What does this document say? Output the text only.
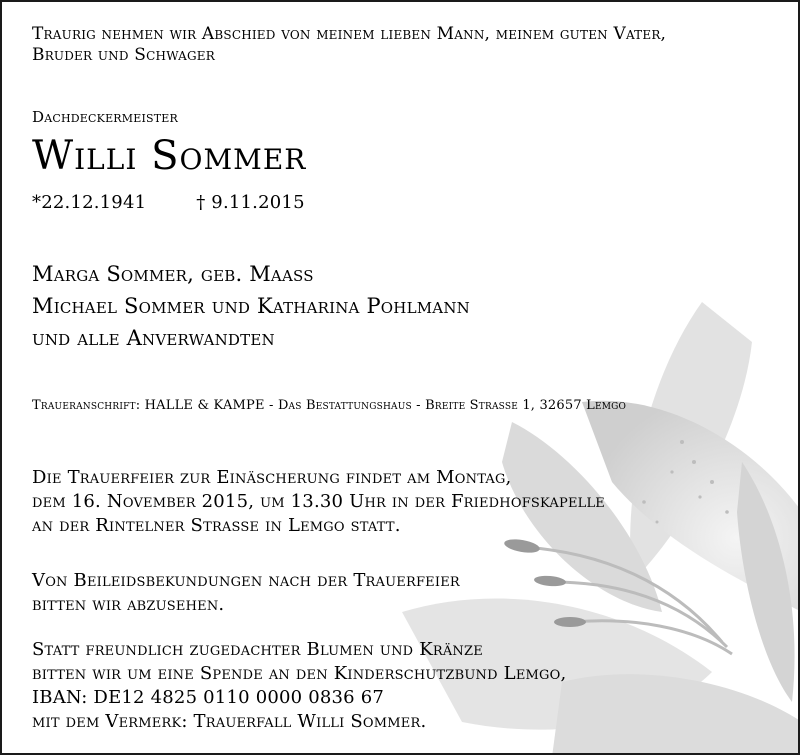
Traurig nehmen wir Abschied von meinem lieben Mann, meinem guten Vater,
Bruder und Schwager
Dachdeckermeister
Willi Sommer
*22.12.1941	† 9.11.2015
Marga Sommer, geb. Maass
Michael Sommer und Katharina Pohlmann
und alle Anverwandten
Traueranschrift: HALLE & KAMPE - Das Bestattungshaus - Breite Strasse 1, 32657 Lemgo
Die Trauerfeier zur Einäscherung findet am Montag,
dem 16. November 2015, um 13.30 Uhr in der Friedhofskapelle
an der Rintelner Strasse in Lemgo statt.
Von Beileidsbekundungen nach der Trauerfeier
bitten wir abzusehen.
Statt freundlich zugedachter Blumen und Kränze
bitten wir um eine Spende an den Kinderschutzbund Lemgo,
IBAN: DE12 4825 0110 0000 0836 67
mit dem Vermerk: Trauerfall Willi Sommer.
